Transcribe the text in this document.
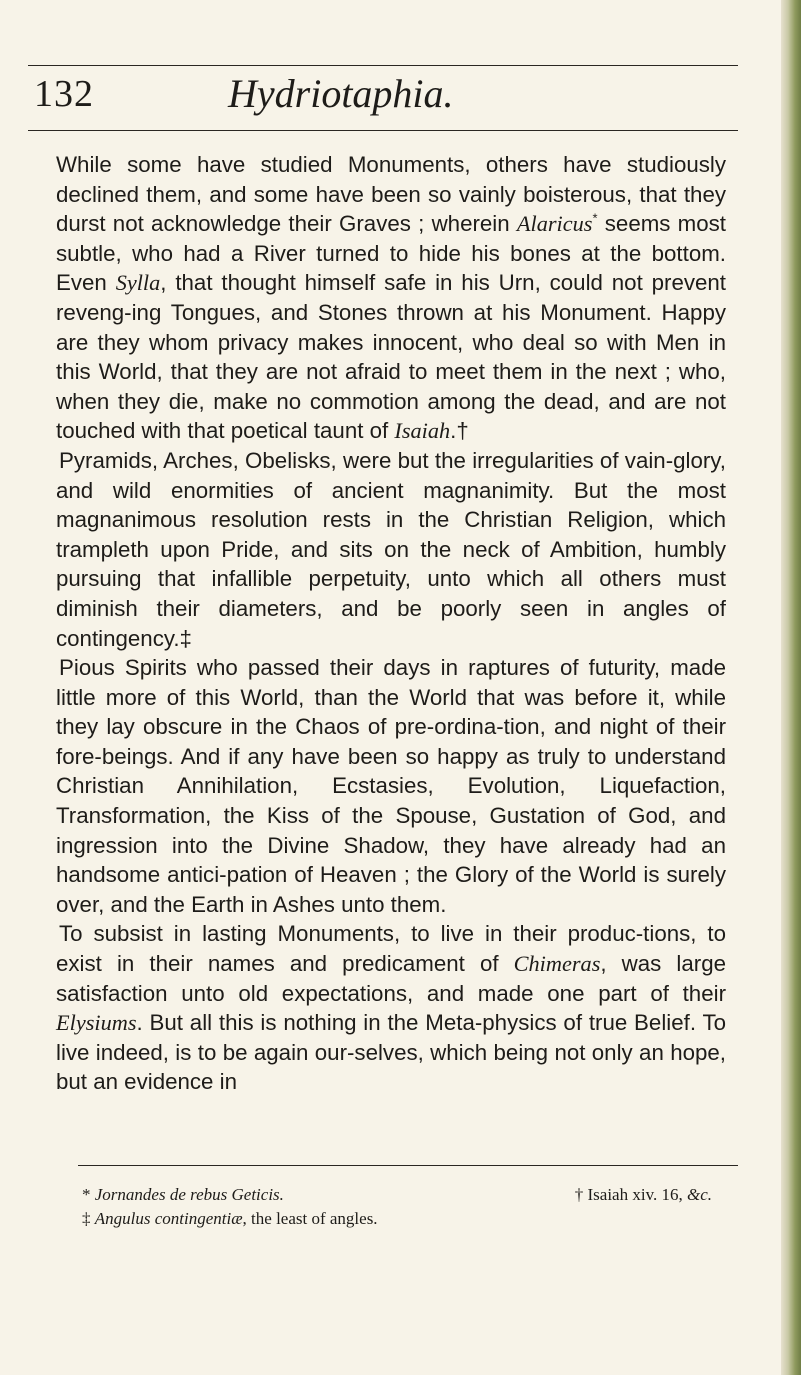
132	Hydriotaphia.

While some have studied Monuments, others have studiously declined them, and some have been so vainly boisterous, that they durst not acknowledge their Graves ; wherein Alaricus* seems most subtle, who had a River turned to hide his bones at the bottom. Even Sylla, that thought himself safe in his Urn, could not prevent reveng-ing Tongues, and Stones thrown at his Monument. Happy are they whom privacy makes innocent, who deal so with Men in this World, that they are not afraid to meet them in the next ; who, when they die, make no commotion among the dead, and are not touched with that poetical taunt of Isaiah.†

Pyramids, Arches, Obelisks, were but the irregularities of vain-glory, and wild enormities of ancient magnanimity. But the most magnanimous resolution rests in the Christian Religion, which trampleth upon Pride, and sits on the neck of Ambition, humbly pursuing that infallible perpetuity, unto which all others must diminish their diameters, and be poorly seen in angles of contingency.‡

Pious Spirits who passed their days in raptures of futurity, made little more of this World, than the World that was before it, while they lay obscure in the Chaos of pre-ordina-tion, and night of their fore-beings. And if any have been so happy as truly to understand Christian Annihilation, Ecstasies, Evolution, Liquefaction, Transformation, the Kiss of the Spouse, Gustation of God, and ingression into the Divine Shadow, they have already had an handsome antici-pation of Heaven ; the Glory of the World is surely over, and the Earth in Ashes unto them.

To subsist in lasting Monuments, to live in their produc-tions, to exist in their names and predicament of Chimeras, was large satisfaction unto old expectations, and made one part of their Elysiums. But all this is nothing in the Meta-physics of true Belief. To live indeed, is to be again our-selves, which being not only an hope, but an evidence in

* Jornandes de rebus Geticis.	† Isaiah xiv. 16, &c.
‡ Angulus contingentiæ, the least of angles.
